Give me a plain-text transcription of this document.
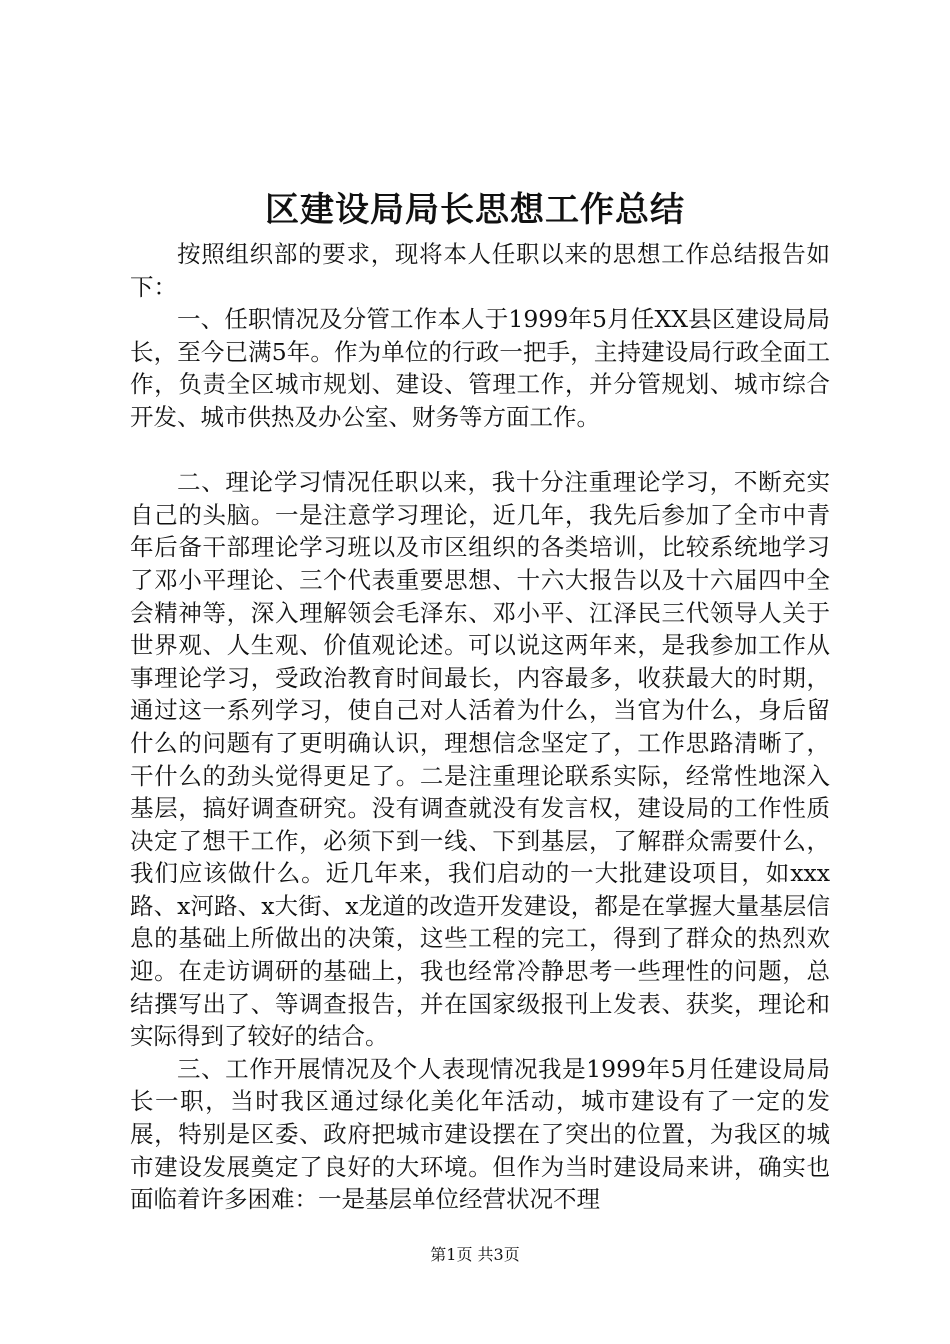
区建设局局长思想工作总结

按照组织部的要求，现将本人任职以来的思想工作总结报告如下：

一、任职情况及分管工作本人于1999年5月任XX县区建设局局长，至今已满5年。作为单位的行政一把手，主持建设局行政全面工作，负责全区城市规划、建设、管理工作，并分管规划、城市综合开发、城市供热及办公室、财务等方面工作。

二、理论学习情况任职以来，我十分注重理论学习，不断充实自己的头脑。一是注意学习理论，近几年，我先后参加了全市中青年后备干部理论学习班以及市区组织的各类培训，比较系统地学习了邓小平理论、三个代表重要思想、十六大报告以及十六届四中全会精神等，深入理解领会毛泽东、邓小平、江泽民三代领导人关于世界观、人生观、价值观论述。可以说这两年来，是我参加工作从事理论学习，受政治教育时间最长，内容最多，收获最大的时期，通过这一系列学习，使自己对人活着为什么，当官为什么，身后留什么的问题有了更明确认识，理想信念坚定了，工作思路清晰了，干什么的劲头觉得更足了。二是注重理论联系实际，经常性地深入基层，搞好调查研究。没有调查就没有发言权，建设局的工作性质决定了想干工作，必须下到一线、下到基层，了解群众需要什么，我们应该做什么。近几年来，我们启动的一大批建设项目，如xxx路、x河路、x大街、x龙道的改造开发建设，都是在掌握大量基层信息的基础上所做出的决策，这些工程的完工，得到了群众的热烈欢迎。在走访调研的基础上，我也经常冷静思考一些理性的问题，总结撰写出了、等调查报告，并在国家级报刊上发表、获奖，理论和实际得到了较好的结合。

三、工作开展情况及个人表现情况我是1999年5月任建设局局长一职，当时我区通过绿化美化年活动，城市建设有了一定的发展，特别是区委、政府把城市建设摆在了突出的位置，为我区的城市建设发展奠定了良好的大环境。但作为当时建设局来讲，确实也面临着许多困难：一是基层单位经营状况不理

第1页 共3页
